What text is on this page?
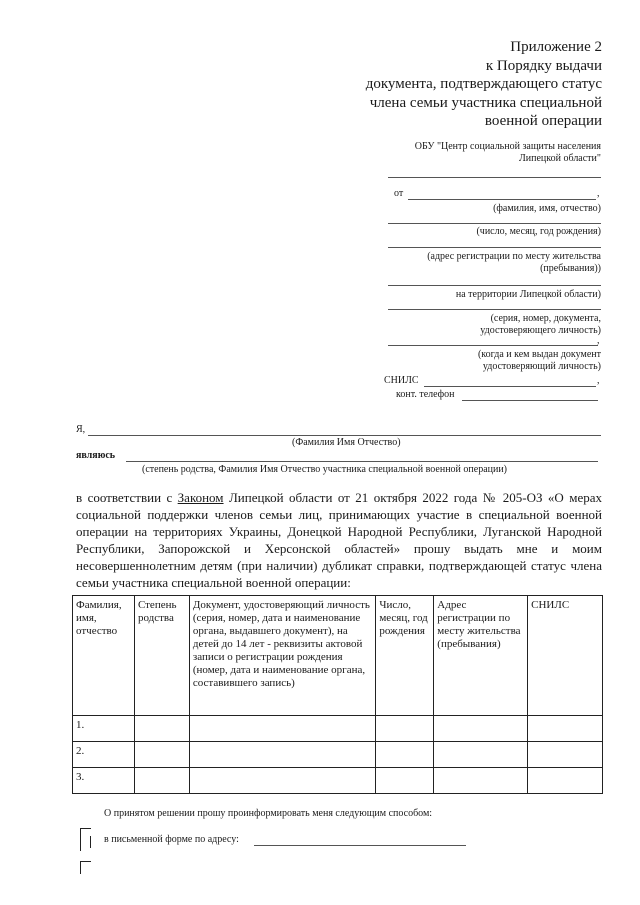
Приложение 2
к Порядку выдачи
документа, подтверждающего статус
члена семьи участника специальной
военной операции
ОБУ "Центр социальной защиты населения
Липецкой области"
от	,
(фамилия, имя, отчество)
(число, месяц, год рождения)
(адрес регистрации по месту жительства
(пребывания))
на территории Липецкой области)
(серия, номер, документа,
удостоверяющего личность)
,
(когда и кем выдан документ
удостоверяющий личность)
СНИЛС	,
конт. телефон
Я,
(Фамилия Имя Отчество)
являюсь
(степень родства, Фамилия Имя Отчество участника специальной военной операции)
в соответствии с Законом Липецкой области от 21 октября 2022 года № 205-ОЗ «О мерах социальной поддержки членов семьи лиц, принимающих участие в специальной военной операции на территориях Украины, Донецкой Народной Республики, Луганской Народной Республики, Запорожской и Херсонской областей» прошу выдать мне и моим несовершеннолетним детям (при наличии) дубликат справки, подтверждающей статус члена семьи участника специальной военной операции:
Фамилия, имя, отчество	Степень родства	Документ, удостоверяющий личность (серия, номер, дата и наименование органа, выдавшего документ), на детей до 14 лет - реквизиты актовой записи о регистрации рождения (номер, дата и наименование органа, составившего запись)	Число, месяц, год рождения	Адрес регистрации по месту жительства (пребывания)	СНИЛС
1.					
2.					
3.					
О принятом решении прошу проинформировать меня следующим способом:
в письменной форме по адресу:
